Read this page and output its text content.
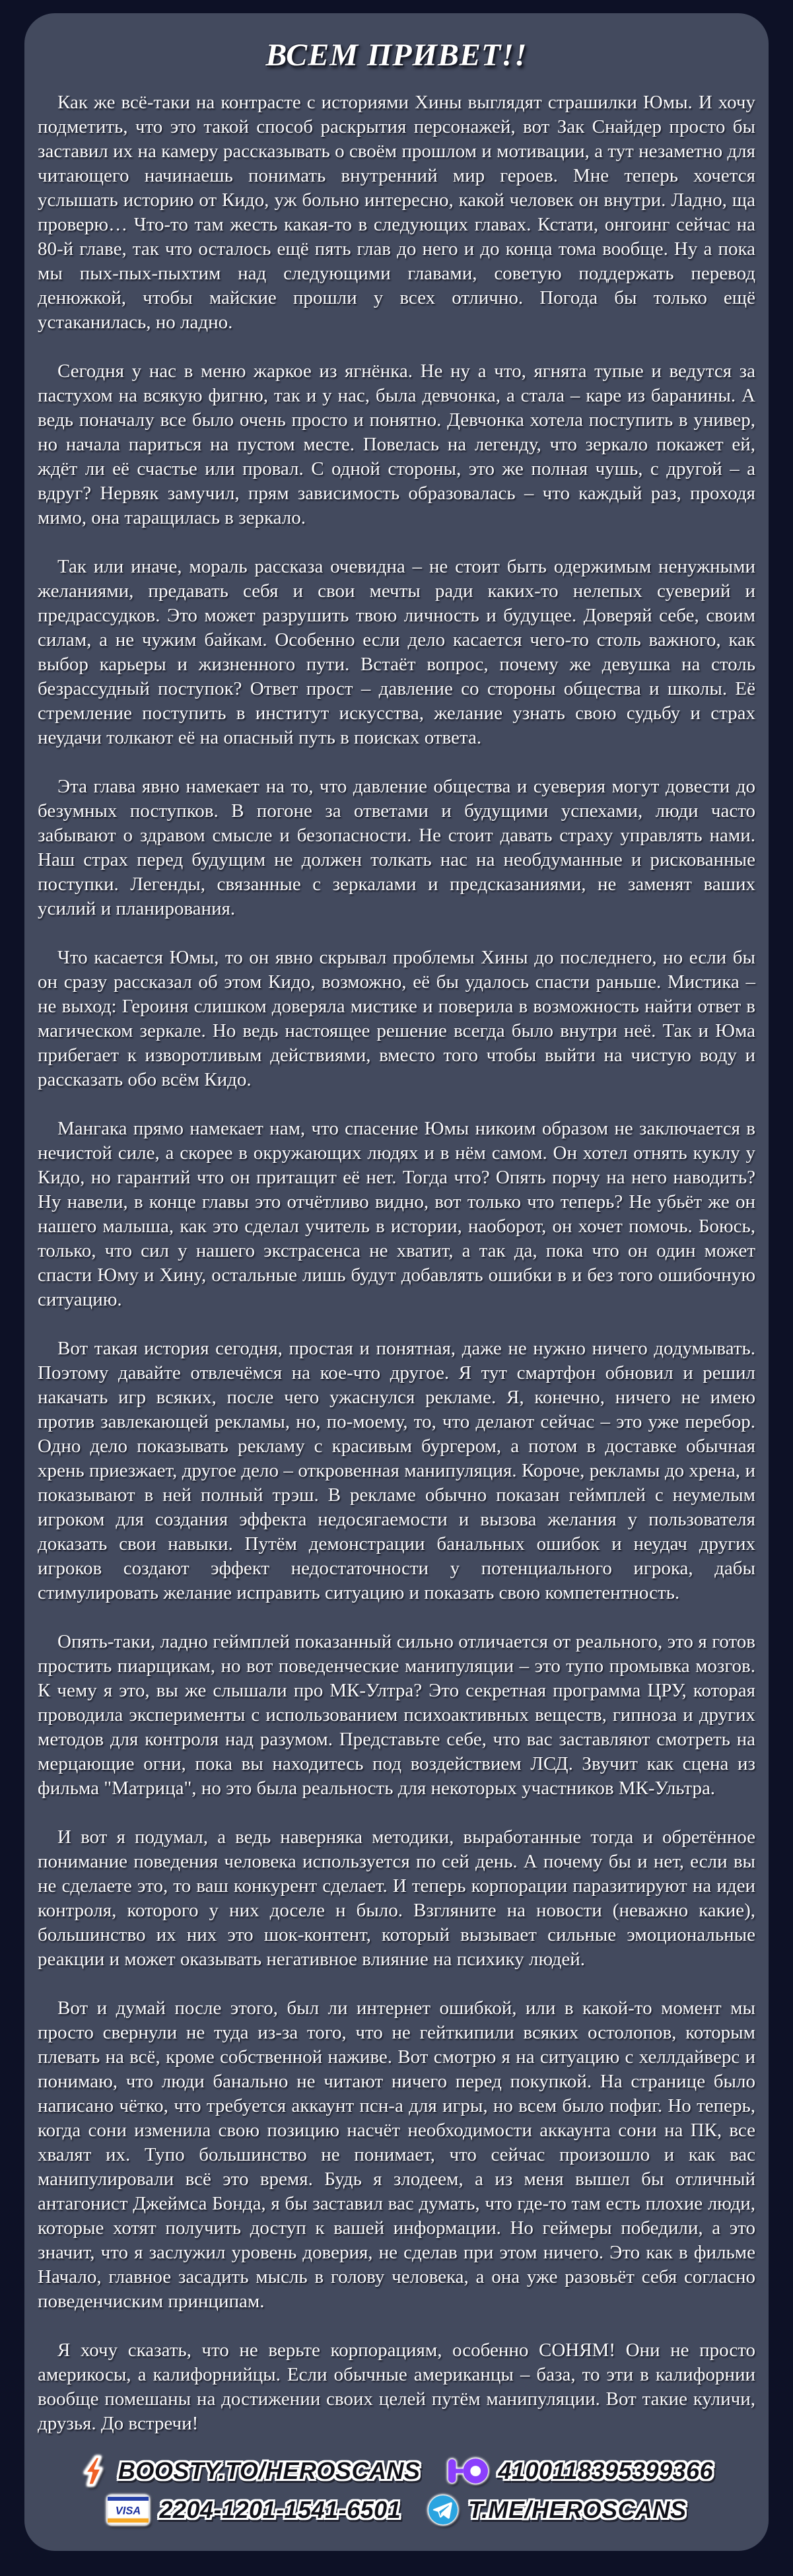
ВСЕМ ПРИВЕТ!!

Как же всё-таки на контрасте с историями Хины выглядят страшилки Юмы. И хочу подметить, что это такой способ раскрытия персонажей, вот Зак Снайдер просто бы заставил их на камеру рассказывать о своём прошлом и мотивации, а тут незаметно для читающего начинаешь понимать внутренний мир героев. Мне теперь хочется услышать историю от Кидо, уж больно интересно, какой человек он внутри. Ладно, ща проверю… Что-то там жесть какая-то в следующих главах. Кстати, онгоинг сейчас на 80-й главе, так что осталось ещё пять глав до него и до конца тома вообще. Ну а пока мы пых-пых-пыхтим над следующими главами, советую поддержать перевод денюжкой, чтобы майские прошли у всех отлично. Погода бы только ещё устаканилась, но ладно.

Сегодня у нас в меню жаркое из ягнёнка. Не ну а что, ягнята тупые и ведутся за пастухом на всякую фигню, так и у нас, была девчонка, а стала – каре из баранины. А ведь поначалу все было очень просто и понятно. Девчонка хотела поступить в универ, но начала париться на пустом месте. Повелась на легенду, что зеркало покажет ей, ждёт ли её счастье или провал. С одной стороны, это же полная чушь, с другой – а вдруг? Нервяк замучил, прям зависимость образовалась – что каждый раз, проходя мимо, она таращилась в зеркало.

Так или иначе, мораль рассказа очевидна – не стоит быть одержимым ненужными желаниями, предавать себя и свои мечты ради каких-то нелепых суеверий и предрассудков. Это может разрушить твою личность и будущее. Доверяй себе, своим силам, а не чужим байкам. Особенно если дело касается чего-то столь важного, как выбор карьеры и жизненного пути. Встаёт вопрос, почему же девушка на столь безрассудный поступок? Ответ прост – давление со стороны общества и школы. Её стремление поступить в институт искусства, желание узнать свою судьбу и страх неудачи толкают её на опасный путь в поисках ответа.

Эта глава явно намекает на то, что давление общества и суеверия могут довести до безумных поступков. В погоне за ответами и будущими успехами, люди часто забывают о здравом смысле и безопасности. Не стоит давать страху управлять нами. Наш страх перед будущим не должен толкать нас на необдуманные и рискованные поступки. Легенды, связанные с зеркалами и предсказаниями, не заменят ваших усилий и планирования.

Что касается Юмы, то он явно скрывал проблемы Хины до последнего, но если бы он сразу рассказал об этом Кидо, возможно, её бы удалось спасти раньше. Мистика – не выход: Героиня слишком доверяла мистике и поверила в возможность найти ответ в магическом зеркале. Но ведь настоящее решение всегда было внутри неё. Так и Юма прибегает к изворотливым действиями, вместо того чтобы выйти на чистую воду и рассказать обо всём Кидо.

Мангака прямо намекает нам, что спасение Юмы никоим образом не заключается в нечистой силе, а скорее в окружающих людях и в нём самом. Он хотел отнять куклу у Кидо, но гарантий что он притащит её нет. Тогда что? Опять порчу на него наводить? Ну навели, в конце главы это отчётливо видно, вот только что теперь? Не убьёт же он нашего малыша, как это сделал учитель в истории, наоборот, он хочет помочь. Боюсь, только, что сил у нашего экстрасенса не хватит, а так да, пока что он один может спасти Юму и Хину, остальные лишь будут добавлять ошибки в и без того ошибочную ситуацию.

Вот такая история сегодня, простая и понятная, даже не нужно ничего додумывать. Поэтому давайте отвлечёмся на кое-что другое. Я тут смартфон обновил и решил накачать игр всяких, после чего ужаснулся рекламе. Я, конечно, ничего не имею против завлекающей рекламы, но, по-моему, то, что делают сейчас – это уже перебор. Одно дело показывать рекламу с красивым бургером, а потом в доставке обычная хрень приезжает, другое дело – откровенная манипуляция. Короче, рекламы до хрена, и показывают в ней полный трэш. В рекламе обычно показан геймплей с неумелым игроком для создания эффекта недосягаемости и вызова желания у пользователя доказать свои навыки. Путём демонстрации банальных ошибок и неудач других игроков создают эффект недостаточности у потенциального игрока, дабы стимулировать желание исправить ситуацию и показать свою компетентность.

Опять-таки, ладно геймплей показанный сильно отличается от реального, это я готов простить пиарщикам, но вот поведенческие манипуляции – это тупо промывка мозгов. К чему я это, вы же слышали про МК-Ултра? Это секретная программа ЦРУ, которая проводила эксперименты с использованием психоактивных веществ, гипноза и других методов для контроля над разумом. Представьте себе, что вас заставляют смотреть на мерцающие огни, пока вы находитесь под воздействием ЛСД. Звучит как сцена из фильма "Матрица", но это была реальность для некоторых участников МК-Ультра.

И вот я подумал, а ведь наверняка методики, выработанные тогда и обретённое понимание поведения человека используется по сей день. А почему бы и нет, если вы не сделаете это, то ваш конкурент сделает. И теперь корпорации паразитируют на идеи контроля, которого у них доселе н было. Взгляните на новости (неважно какие), большинство их них это шок-контент, который вызывает сильные эмоциональные реакции и может оказывать негативное влияние на психику людей.

Вот и думай после этого, был ли интернет ошибкой, или в какой-то момент мы просто свернули не туда из-за того, что не гейткипили всяких остолопов, которым плевать на всё, кроме собственной наживе. Вот смотрю я на ситуацию с хеллдайверс и понимаю, что люди банально не читают ничего перед покупкой. На странице было написано чётко, что требуется аккаунт псн-а для игры, но всем было пофиг. Но теперь, когда сони изменила свою позицию насчёт необходимости аккаунта сони на ПК, все хвалят их. Тупо большинство не понимает, что сейчас произошло и как вас манипулировали всё это время. Будь я злодеем, а из меня вышел бы отличный антагонист Джеймса Бонда, я бы заставил вас думать, что где-то там есть плохие люди, которые хотят получить доступ к вашей информации. Но геймеры победили, а это значит, что я заслужил уровень доверия, не сделав при этом ничего. Это как в фильме Начало, главное засадить мысль в голову человека, а она уже разовьёт себя согласно поведенчиским принципам.

Я хочу сказать, что не верьте корпорациям, особенно СОНЯМ! Они не просто америкосы, а калифорнийцы. Если обычные американцы – база, то эти в калифорнии вообще помешаны на достижении своих целей путём манипуляции. Вот такие куличи, друзья. До встречи!

BOOSTY.TO/HEROSCANS	4100118395399366
VISA 2204-1201-1541-6501	T.ME/HEROSCANS
